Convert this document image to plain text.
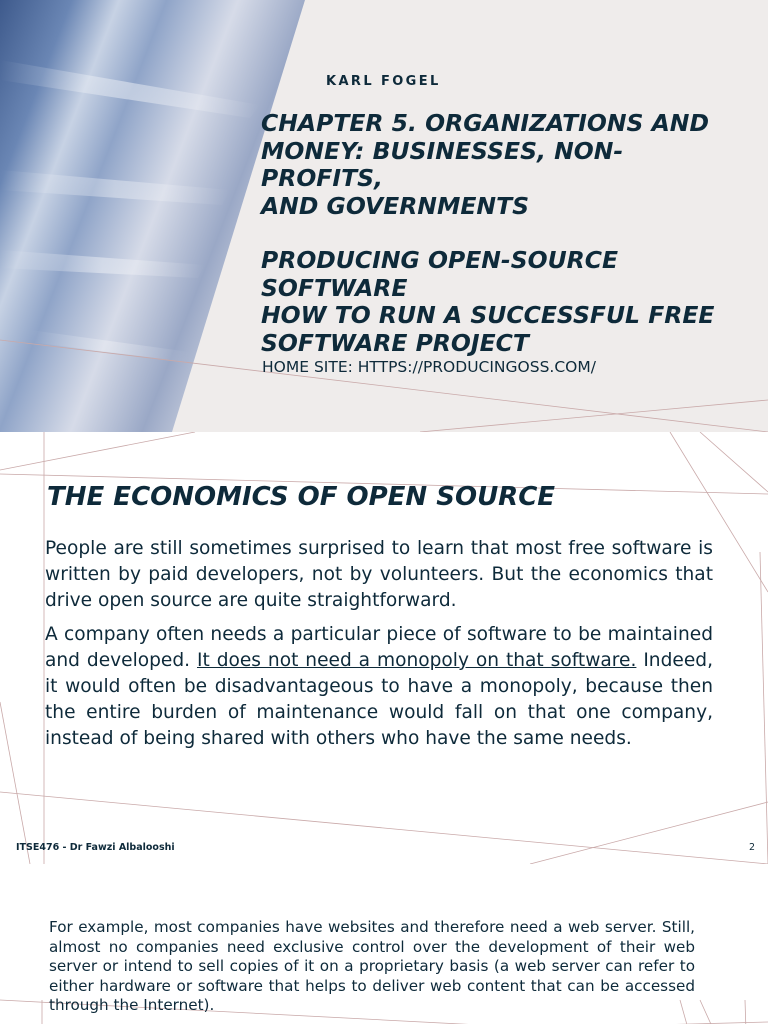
KARL FOGEL
CHAPTER 5. ORGANIZATIONS AND
MONEY: BUSINESSES, NON-
PROFITS,
AND GOVERNMENTS
PRODUCING OPEN-SOURCE
SOFTWARE
HOW TO RUN A SUCCESSFUL FREE
SOFTWARE PROJECT
HOME SITE: HTTPS://PRODUCINGOSS.COM/
THE ECONOMICS OF OPEN SOURCE

People are still sometimes surprised to learn that most free software is written by paid developers, not by volunteers. But the economics that drive open source are quite straightforward.

A company often needs a particular piece of software to be maintained and developed. It does not need a monopoly on that software. Indeed, it would often be disadvantageous to have a monopoly, because then the entire burden of maintenance would fall on that one company, instead of being shared with others who have the same needs.

ITSE476 - Dr Fawzi Albalooshi	2
For example, most companies have websites and therefore need a web server. Still, almost no companies need exclusive control over the development of their web server or intend to sell copies of it on a proprietary basis (a web server can refer to either hardware or software that helps to deliver web content that can be accessed through the Internet).
